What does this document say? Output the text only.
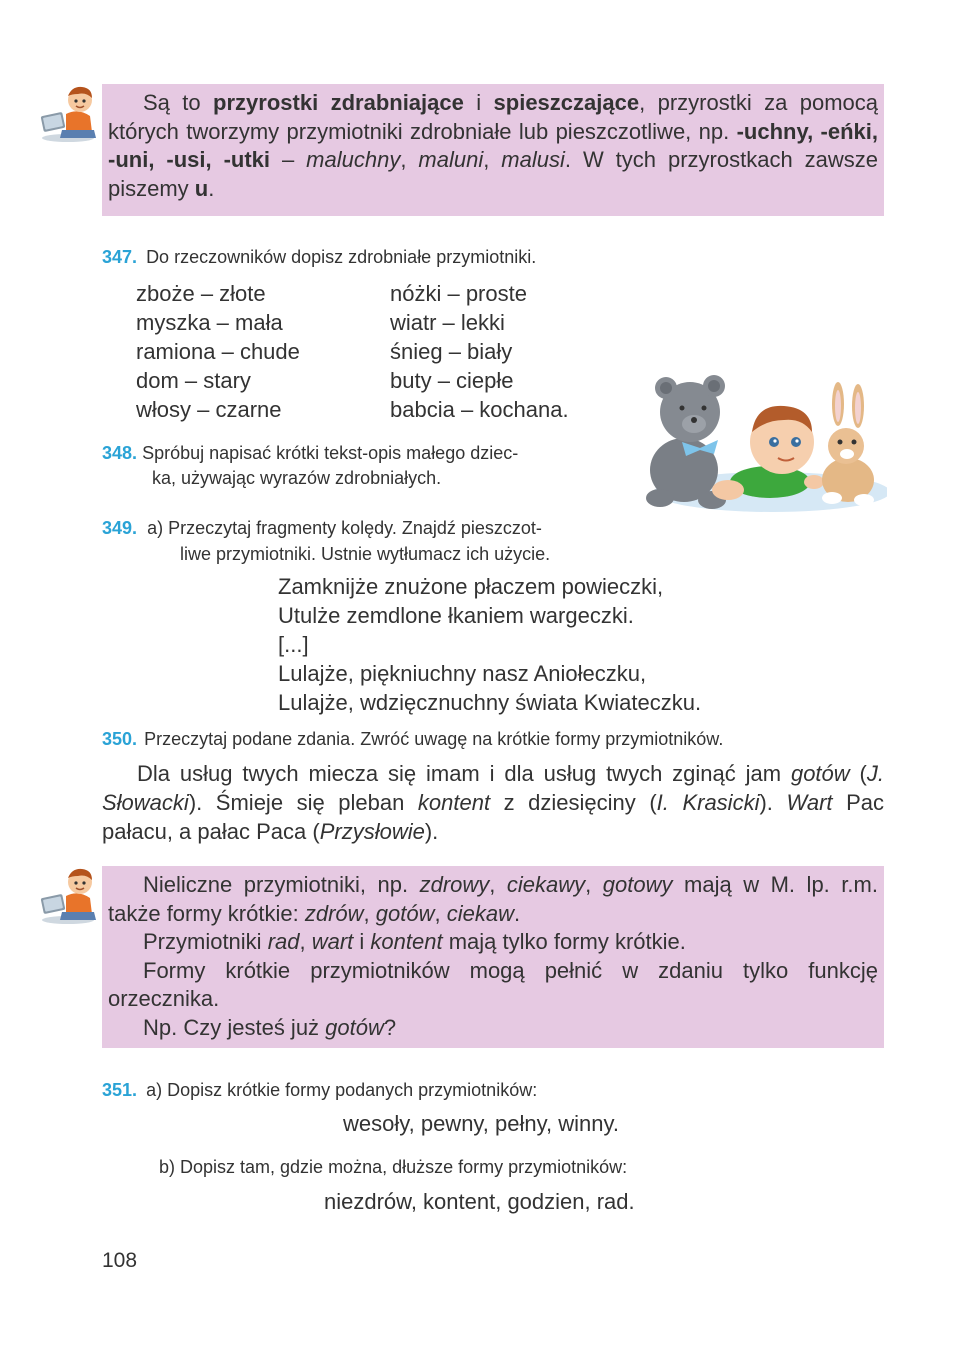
Są to przyrostki zdrabniające i spieszczające, przyrostki za pomocą których tworzymy przymiotniki zdrobniałe lub pieszczotliwe, np. -uchny, -eńki, -uni, -usi, -utki – maluchny, maluni, malusi. W tych przyrostkach zawsze piszemy u.

347. Do rzeczowników dopisz zdrobniałe przymiotniki.
zboże – złote
myszka – mała
ramiona – chude
dom – stary
włosy – czarne
nóżki – proste
wiatr – lekki
śnieg – biały
buty – ciepłe
babcia – kochana.
348. Spróbuj napisać krótki tekst-opis małego dziec-
ka, używając wyrazów zdrobniałych.
349. a) Przeczytaj fragmenty kolędy. Znajdź pieszczot-
liwe przymiotniki. Ustnie wytłumacz ich użycie.
Zamknijże znużone płaczem powieczki,
Utulże zemdlone łkaniem wargeczki.
[...]
Lulajże, piękniuchny nasz Aniołeczku,
Lulajże, wdzięcznuchny świata Kwiateczku.
350. Przeczytaj podane zdania. Zwróć uwagę na krótkie formy przymiotników.
Dla usług twych miecza się imam i dla usług twych zginąć jam gotów (J. Słowacki). Śmieje się pleban kontent z dziesięciny (I. Krasicki). Wart Pac pałacu, a pałac Paca (Przysłowie).

Nieliczne przymiotniki, np. zdrowy, ciekawy, gotowy mają w M. lp. r.m. także formy krótkie: zdrów, gotów, ciekaw.

Przymiotniki rad, wart i kontent mają tylko formy krótkie.

Formy krótkie przymiotników mogą pełnić w zdaniu tylko funkcję orzecznika.

Np. Czy jesteś już gotów?

351. a) Dopisz krótkie formy podanych przymiotników:
wesoły, pewny, pełny, winny.
b) Dopisz tam, gdzie można, dłuższe formy przymiotników:
niezdrów, kontent, godzien, rad.
108
